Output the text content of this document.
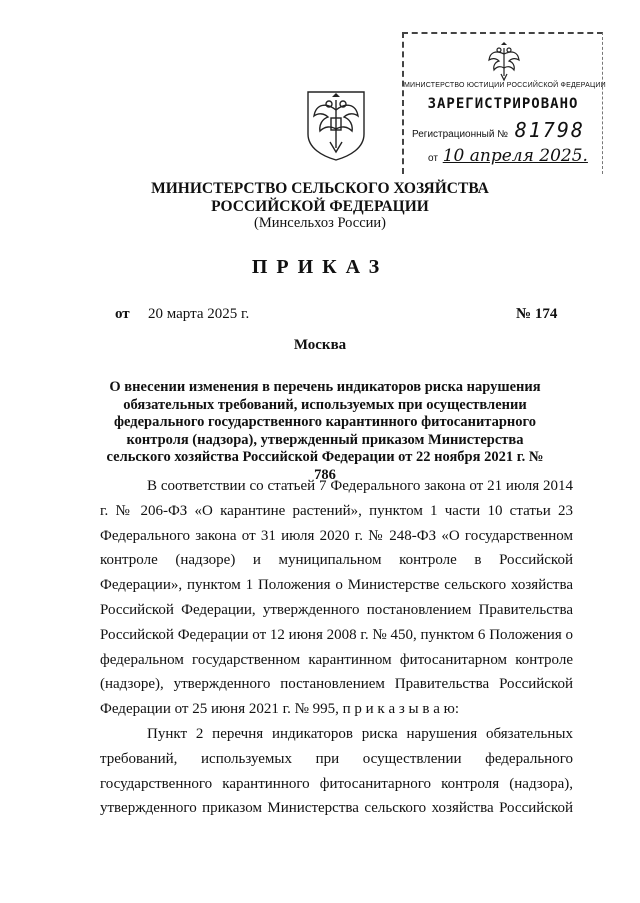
МИНИСТЕРСТВО ЮСТИЦИИ РОССИЙСКОЙ ФЕДЕРАЦИИ
ЗАРЕГИСТРИРОВАНО
Регистрационный № 81798
от 10 апреля 2025.
МИНИСТЕРСТВО СЕЛЬСКОГО ХОЗЯЙСТВА
РОССИЙСКОЙ ФЕДЕРАЦИИ
(Минсельхоз России)
ПРИКАЗ
от 20 марта 2025 г.	№ 174
Москва
О внесении изменения в перечень индикаторов риска нарушения обязательных требований, используемых при осуществлении федерального государственного карантинного фитосанитарного контроля (надзора), утвержденный приказом Министерства сельского хозяйства Российской Федерации от 22 ноября 2021 г. № 786
В соответствии со статьей 7 Федерального закона от 21 июля 2014 г. № 206-ФЗ «О карантине растений», пунктом 1 части 10 статьи 23 Федерального закона от 31 июля 2020 г. № 248-ФЗ «О государственном контроле (надзоре) и муниципальном контроле в Российской Федерации», пунктом 1 Положения о Министерстве сельского хозяйства Российской Федерации, утвержденного постановлением Правительства Российской Федерации от 12 июня 2008 г. № 450, пунктом 6 Положения о федеральном государственном карантинном фитосанитарном контроле (надзоре), утвержденного постановлением Правительства Российской Федерации от 25 июня 2021 г. № 995, п р и к а з ы в а ю:
Пункт 2 перечня индикаторов риска нарушения обязательных требований, используемых при осуществлении федерального государственного карантинного фитосанитарного контроля (надзора), утвержденного приказом Министерства сельского хозяйства Российской
